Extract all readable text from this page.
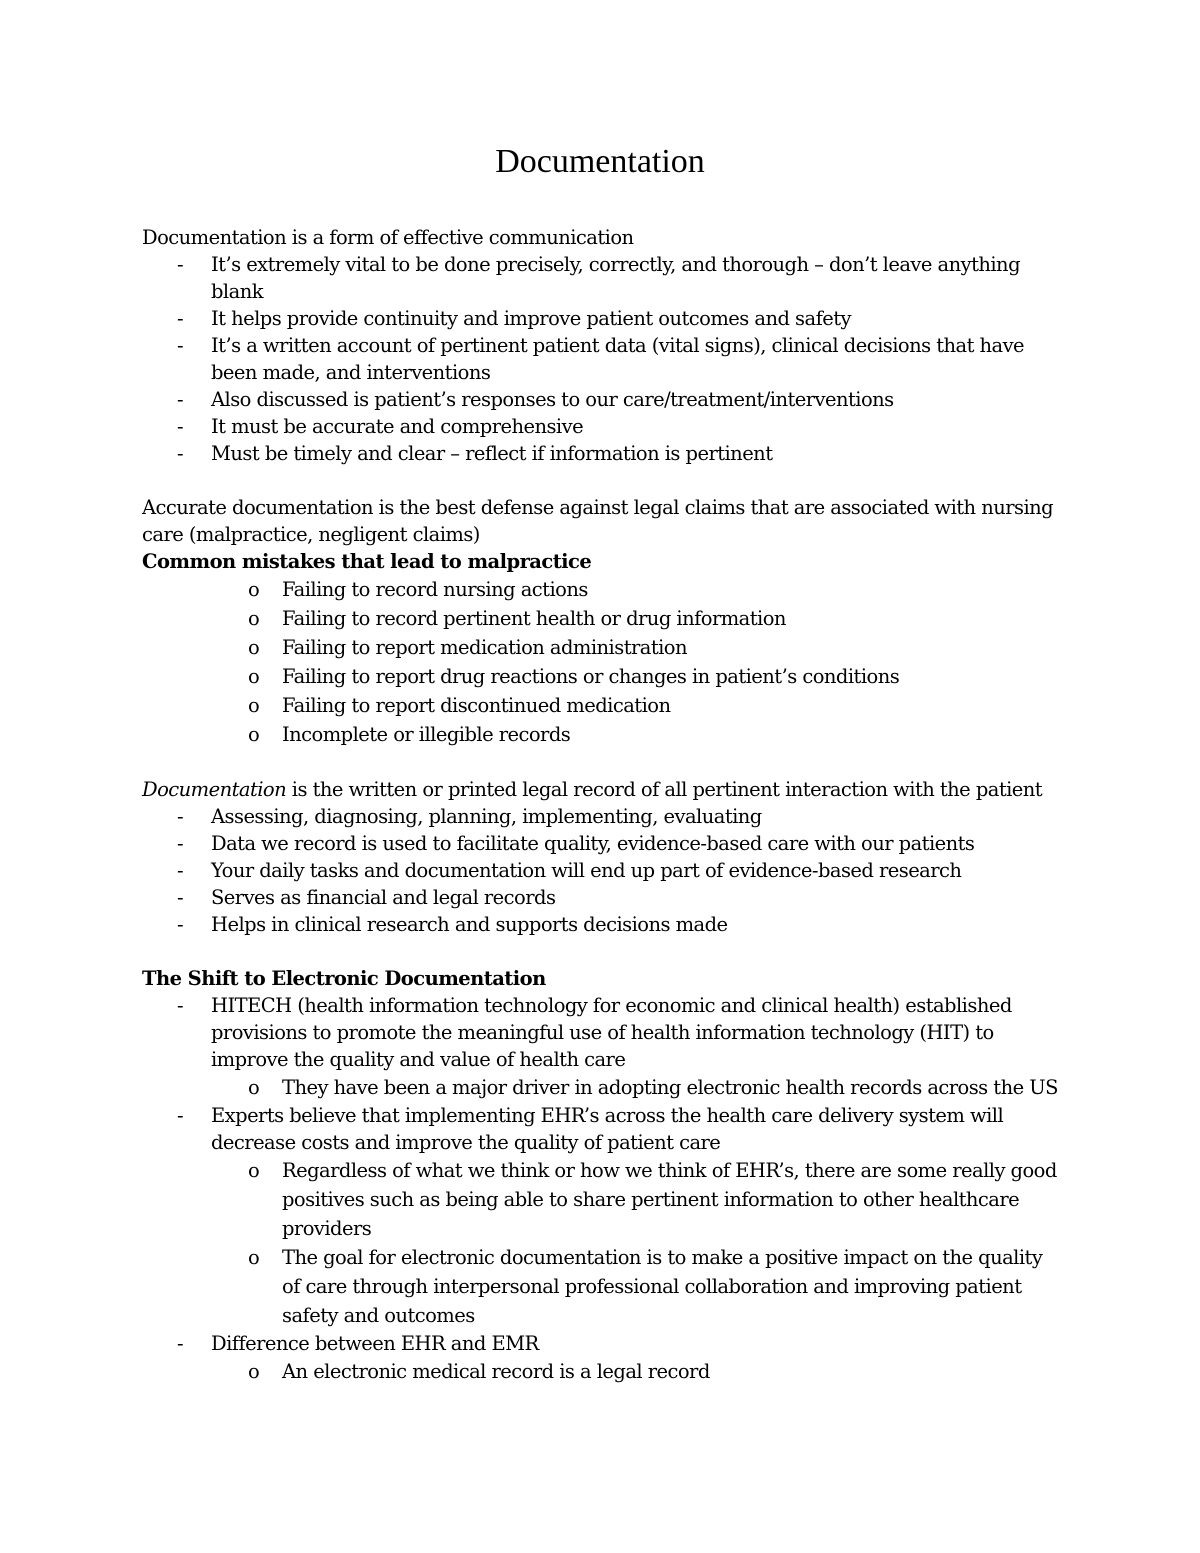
Documentation

Documentation is a form of effective communication

- It’s extremely vital to be done precisely, correctly, and thorough – don’t leave anything blank
- It helps provide continuity and improve patient outcomes and safety
- It’s a written account of pertinent patient data (vital signs), clinical decisions that have been made, and interventions
- Also discussed is patient’s responses to our care/treatment/interventions
- It must be accurate and comprehensive
- Must be timely and clear – reflect if information is pertinent

Accurate documentation is the best defense against legal claims that are associated with nursing care (malpractice, negligent claims)

Common mistakes that lead to malpractice

o Failing to record nursing actions
o Failing to record pertinent health or drug information
o Failing to report medication administration
o Failing to report drug reactions or changes in patient’s conditions
o Failing to report discontinued medication
o Incomplete or illegible records

Documentation is the written or printed legal record of all pertinent interaction with the patient

- Assessing, diagnosing, planning, implementing, evaluating
- Data we record is used to facilitate quality, evidence-based care with our patients
- Your daily tasks and documentation will end up part of evidence-based research
- Serves as financial and legal records
- Helps in clinical research and supports decisions made

The Shift to Electronic Documentation

- HITECH (health information technology for economic and clinical health) established provisions to promote the meaningful use of health information technology (HIT) to improve the quality and value of health care
o They have been a major driver in adopting electronic health records across the US
- Experts believe that implementing EHR’s across the health care delivery system will decrease costs and improve the quality of patient care
o Regardless of what we think or how we think of EHR’s, there are some really good positives such as being able to share pertinent information to other healthcare providers
o The goal for electronic documentation is to make a positive impact on the quality of care through interpersonal professional collaboration and improving patient safety and outcomes
- Difference between EHR and EMR
o An electronic medical record is a legal record
